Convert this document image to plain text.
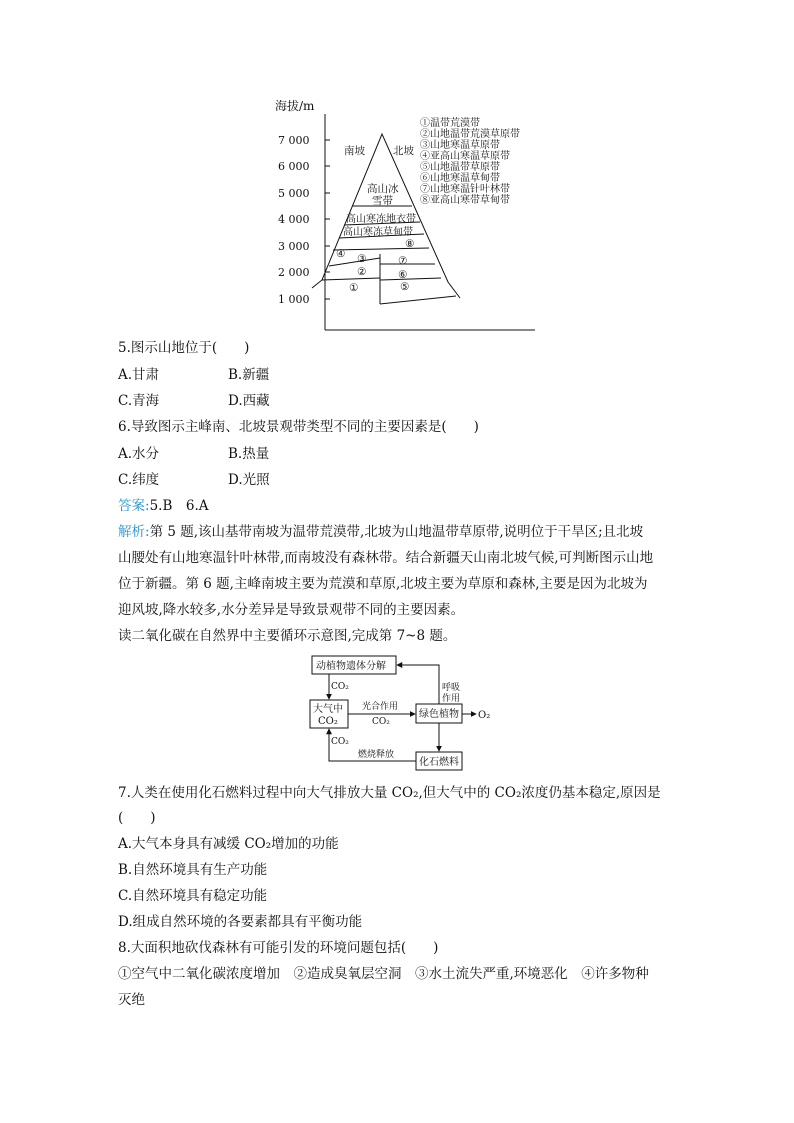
海拔/m
7 000
6 000
5 000
4 000
3 000
2 000
1 000
南坡	北坡
高山冰
雪带
高山寒冻地衣带
高山寒冻草甸带
⑧
④ ③
②
①
⑦
⑥
⑤
①温带荒漠带
②山地温带荒漠草原带
③山地寒温草原带
④亚高山寒温草原带
⑤山地温带草原带
⑥山地寒温草甸带
⑦山地寒温针叶林带
⑧亚高山寒带草甸带
5.图示山地位于(　　)
A.甘肃	B.新疆
C.青海	D.西藏
6.导致图示主峰南、北坡景观带类型不同的主要因素是(　　)
A.水分	B.热量
C.纬度	D.光照
答案:5.B　6.A
解析:第 5 题,该山基带南坡为温带荒漠带,北坡为山地温带草原带,说明位于干旱区;且北坡
山腰处有山地寒温针叶林带,而南坡没有森林带。结合新疆天山南北坡气候,可判断图示山地
位于新疆。第 6 题,主峰南坡主要为荒漠和草原,北坡主要为草原和森林,主要是因为北坡为
迎风坡,降水较多,水分差异是导致景观带不同的主要因素。
读二氧化碳在自然界中主要循环示意图,完成第 7~8 题。
动植物遗体分解
大气中
CO₂
绿色植物
化石燃料
光合作用
CO₂
CO₂
CO₂
呼吸
作用
O₂
燃烧释放
7.人类在使用化石燃料过程中向大气排放大量 CO₂,但大气中的 CO₂浓度仍基本稳定,原因是
(　　)
A.大气本身具有减缓 CO₂增加的功能
B.自然环境具有生产功能
C.自然环境具有稳定功能
D.组成自然环境的各要素都具有平衡功能
8.大面积地砍伐森林有可能引发的环境问题包括(　　)
①空气中二氧化碳浓度增加　②造成臭氧层空洞　③水土流失严重,环境恶化　④许多物种
灭绝
